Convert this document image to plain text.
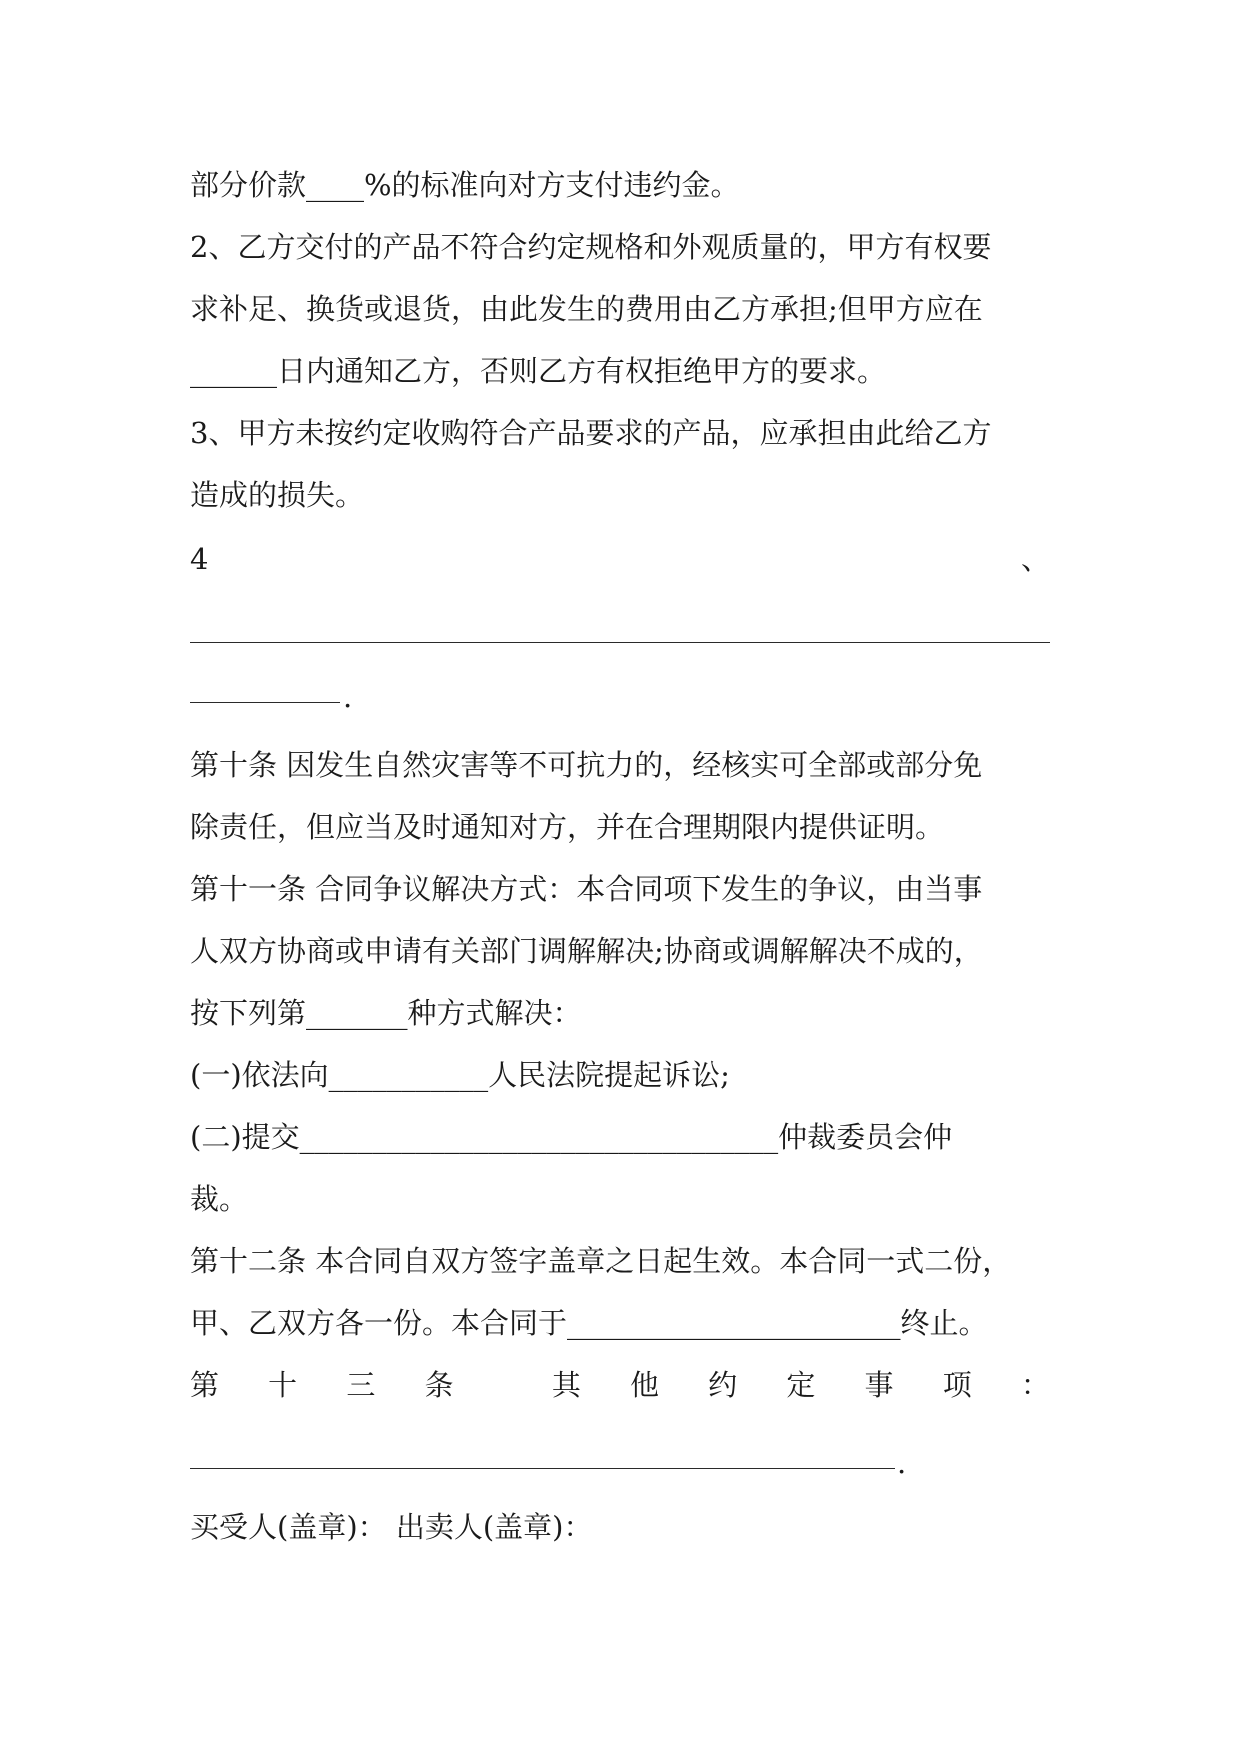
部分价款____%的标准向对方支付违约金。
2、乙方交付的产品不符合约定规格和外观质量的，甲方有权要
求补足、换货或退货，由此发生的费用由乙方承担;但甲方应在
______日内通知乙方，否则乙方有权拒绝甲方的要求。
3、甲方未按约定收购符合产品要求的产品，应承担由此给乙方
造成的损失。
4	、
.
第十条 因发生自然灾害等不可抗力的，经核实可全部或部分免
除责任，但应当及时通知对方，并在合理期限内提供证明。
第十一条 合同争议解决方式：本合同项下发生的争议，由当事
人双方协商或申请有关部门调解解决;协商或调解解决不成的，
按下列第_______种方式解决：
(一)依法向___________人民法院提起诉讼;
(二)提交_________________________________仲裁委员会仲
裁。
第十二条 本合同自双方签字盖章之日起生效。本合同一式二份，
甲、乙双方各一份。本合同于_______________________终止。
第 十 三 条	其 他 约 定 事 项 ：
.
买受人(盖章)： 出卖人(盖章)：
